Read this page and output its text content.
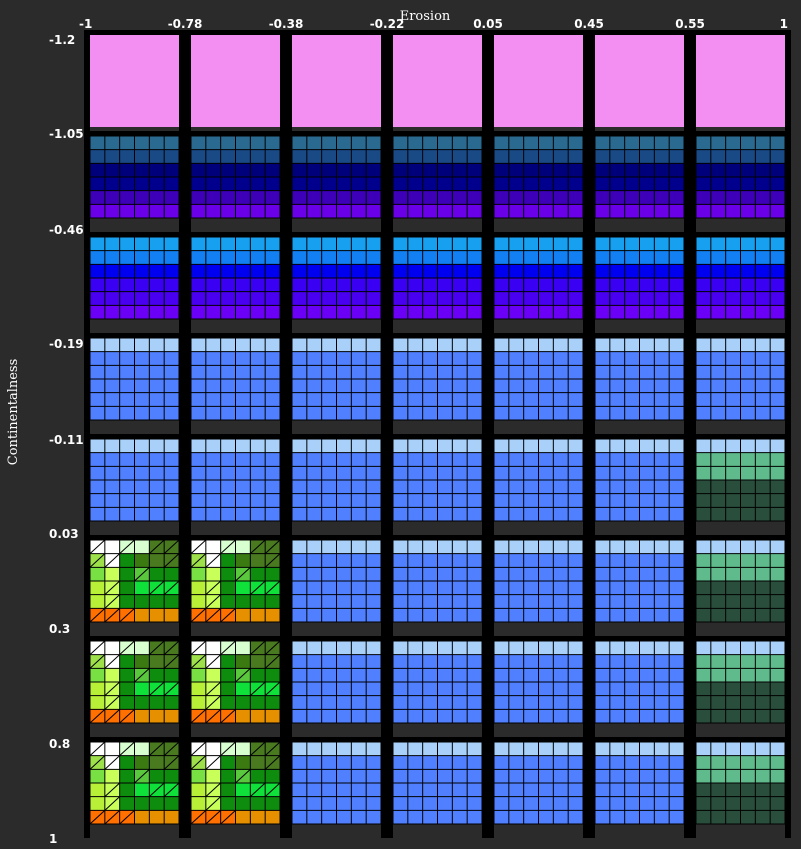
Erosion
Continentalness
-1	-0.78	-0.38	-0.22	0.05	0.45	0.55	1
-1.2
-1.05
-0.46
-0.19
-0.11
0.03
0.3
0.8
1
